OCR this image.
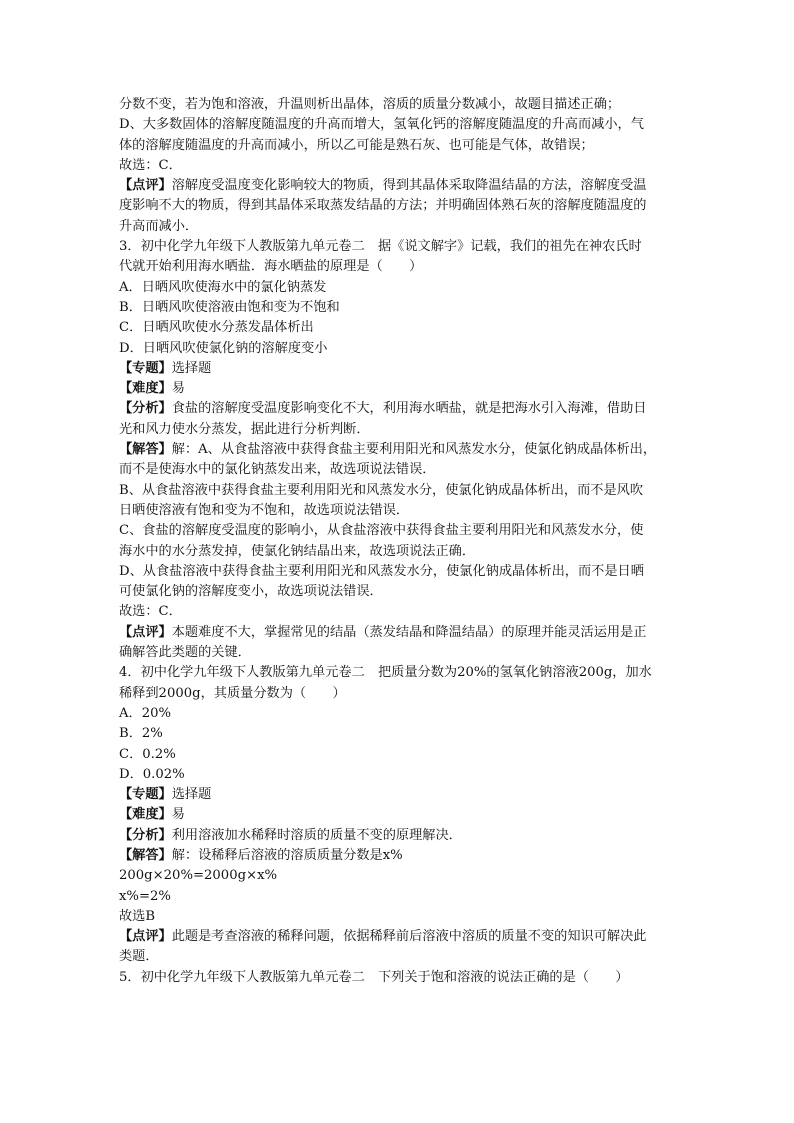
分数不变，若为饱和溶液，升温则析出晶体，溶质的质量分数减小，故题目描述正确；
D、大多数固体的溶解度随温度的升高而增大，氢氧化钙的溶解度随温度的升高而减小，气
体的溶解度随温度的升高而减小，所以乙可能是熟石灰、也可能是气体，故错误；
故选：C．
【点评】溶解度受温度变化影响较大的物质，得到其晶体采取降温结晶的方法，溶解度受温
度影响不大的物质，得到其晶体采取蒸发结晶的方法；并明确固体熟石灰的溶解度随温度的
升高而减小．
3．初中化学九年级下人教版第九单元卷二　据《说文解字》记载，我们的祖先在神农氏时
代就开始利用海水晒盐．海水晒盐的原理是（　　）
A．日晒风吹使海水中的氯化钠蒸发
B．日晒风吹使溶液由饱和变为不饱和
C．日晒风吹使水分蒸发晶体析出
D．日晒风吹使氯化钠的溶解度变小
【专题】选择题
【难度】易
【分析】食盐的溶解度受温度影响变化不大，利用海水晒盐，就是把海水引入海滩，借助日
光和风力使水分蒸发，据此进行分析判断．
【解答】解：A、从食盐溶液中获得食盐主要利用阳光和风蒸发水分，使氯化钠成晶体析出，
而不是使海水中的氯化钠蒸发出来，故选项说法错误．
B、从食盐溶液中获得食盐主要利用阳光和风蒸发水分，使氯化钠成晶体析出，而不是风吹
日晒使溶液有饱和变为不饱和，故选项说法错误．
C、食盐的溶解度受温度的影响小，从食盐溶液中获得食盐主要利用阳光和风蒸发水分，使
海水中的水分蒸发掉，使氯化钠结晶出来，故选项说法正确．
D、从食盐溶液中获得食盐主要利用阳光和风蒸发水分，使氯化钠成晶体析出，而不是日晒
可使氯化钠的溶解度变小，故选项说法错误．
故选：C．
【点评】本题难度不大，掌握常见的结晶（蒸发结晶和降温结晶）的原理并能灵活运用是正
确解答此类题的关键．
4．初中化学九年级下人教版第九单元卷二　把质量分数为20%的氢氧化钠溶液200g，加水
稀释到2000g，其质量分数为（　　）
A．20%
B．2%
C．0.2%
D．0.02%
【专题】选择题
【难度】易
【分析】利用溶液加水稀释时溶质的质量不变的原理解决．
【解答】解：设稀释后溶液的溶质质量分数是x%
200g×20%=2000g×x%
x%=2%
故选B
【点评】此题是考查溶液的稀释问题，依据稀释前后溶液中溶质的质量不变的知识可解决此
类题．
5．初中化学九年级下人教版第九单元卷二　下列关于饱和溶液的说法正确的是（　　）
